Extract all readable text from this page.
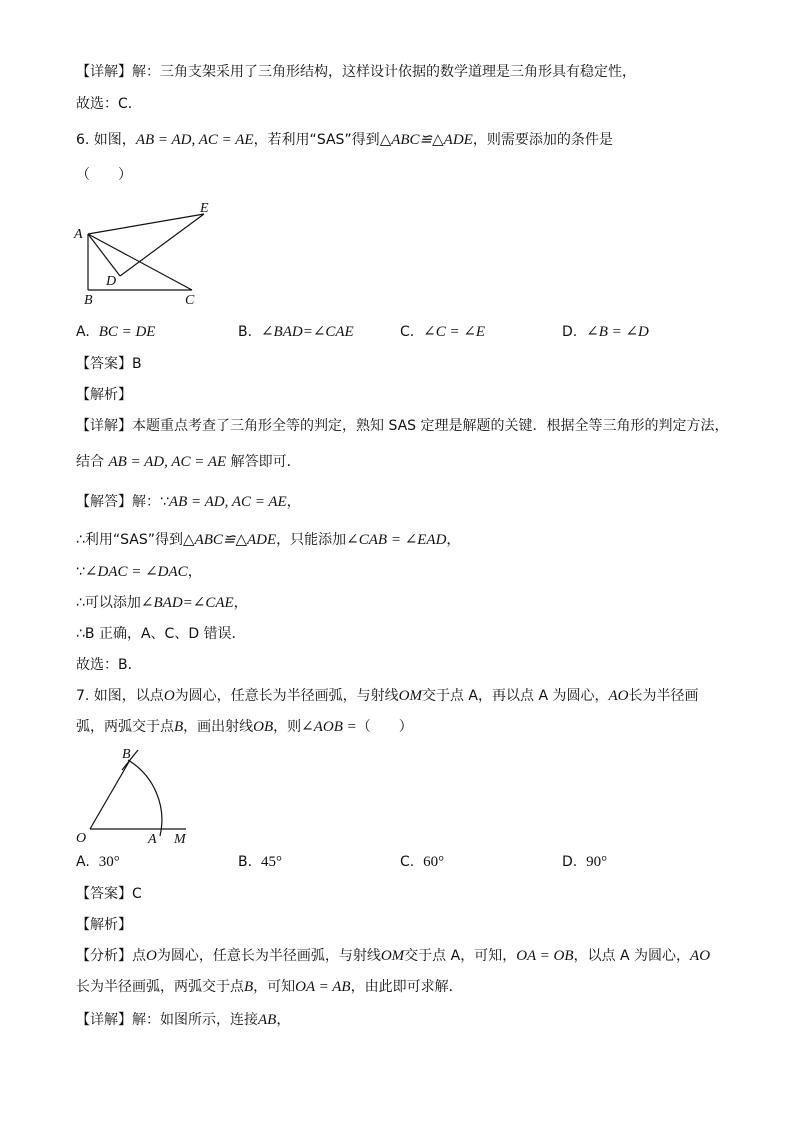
【详解】解：三角支架采用了三角形结构，这样设计依据的数学道理是三角形具有稳定性，
故选：C．
6. 如图，AB = AD, AC = AE，若利用“SAS”得到△ABC≌△ADE，则需要添加的条件是
（　　）
A
B	C
D
E
A. BC = DE	B. ∠BAD=∠CAE	C. ∠C = ∠E	D. ∠B = ∠D
【答案】B
【解析】
【详解】本题重点考查了三角形全等的判定，熟知 SAS 定理是解题的关键．根据全等三角形的判定方法，
结合 AB = AD, AC = AE 解答即可．
【解答】解：∵AB = AD, AC = AE，
∴利用“SAS”得到△ABC≌△ADE，只能添加∠CAB = ∠EAD，
∵∠DAC = ∠DAC，
∴可以添加∠BAD=∠CAE，
∴B 正确，A、C、D 错误．
故选：B．
7. 如图，以点O为圆心，任意长为半径画弧，与射线OM交于点 A，再以点 A 为圆心，AO长为半径画
弧，两弧交于点B，画出射线OB，则∠AOB =（　　）
B
O	A M
A. 30°	B. 45°	C. 60°	D. 90°
【答案】C
【解析】
【分析】点O为圆心，任意长为半径画弧，与射线OM交于点 A，可知，OA = OB，以点 A 为圆心，AO
长为半径画弧，两弧交于点B，可知OA = AB，由此即可求解．
【详解】解：如图所示，连接AB，
